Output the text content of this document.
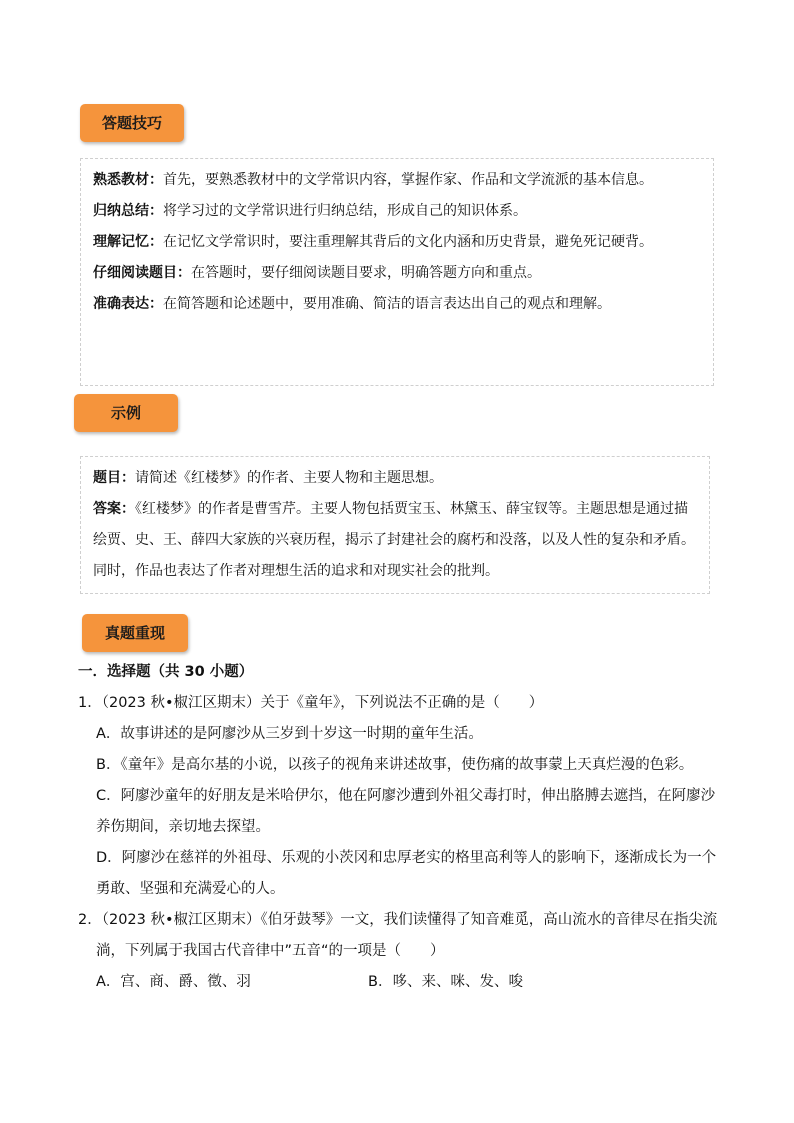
答题技巧

熟悉教材：首先，要熟悉教材中的文学常识内容，掌握作家、作品和文学流派的基本信息。

归纳总结：将学习过的文学常识进行归纳总结，形成自己的知识体系。

理解记忆：在记忆文学常识时，要注重理解其背后的文化内涵和历史背景，避免死记硬背。

仔细阅读题目：在答题时，要仔细阅读题目要求，明确答题方向和重点。

准确表达：在简答题和论述题中，要用准确、简洁的语言表达出自己的观点和理解。

示例

题目：请简述《红楼梦》的作者、主要人物和主题思想。

答案：《红楼梦》的作者是曹雪芹。主要人物包括贾宝玉、林黛玉、薛宝钗等。主题思想是通过描绘贾、史、王、薛四大家族的兴衰历程，揭示了封建社会的腐朽和没落，以及人性的复杂和矛盾。同时，作品也表达了作者对理想生活的追求和对现实社会的批判。

真题重现

一．选择题（共 30 小题）

1．（2023 秋•椒江区期末）关于《童年》，下列说法不正确的是（　　）

A．故事讲述的是阿廖沙从三岁到十岁这一时期的童年生活。

B．《童年》是高尔基的小说，以孩子的视角来讲述故事，使伤痛的故事蒙上天真烂漫的色彩。

C．阿廖沙童年的好朋友是米哈伊尔，他在阿廖沙遭到外祖父毒打时，伸出胳膊去遮挡，在阿廖沙养伤期间，亲切地去探望。

D．阿廖沙在慈祥的外祖母、乐观的小茨冈和忠厚老实的格里高利等人的影响下，逐渐成长为一个勇敢、坚强和充满爱心的人。

2．（2023 秋•椒江区期末）《伯牙鼓琴》一文，我们读懂得了知音难觅，高山流水的音律尽在指尖流淌，下列属于我国古代音律中”五音“的一项是（　　）

A．宫、商、爵、徵、羽	B．哆、来、咪、发、唆
